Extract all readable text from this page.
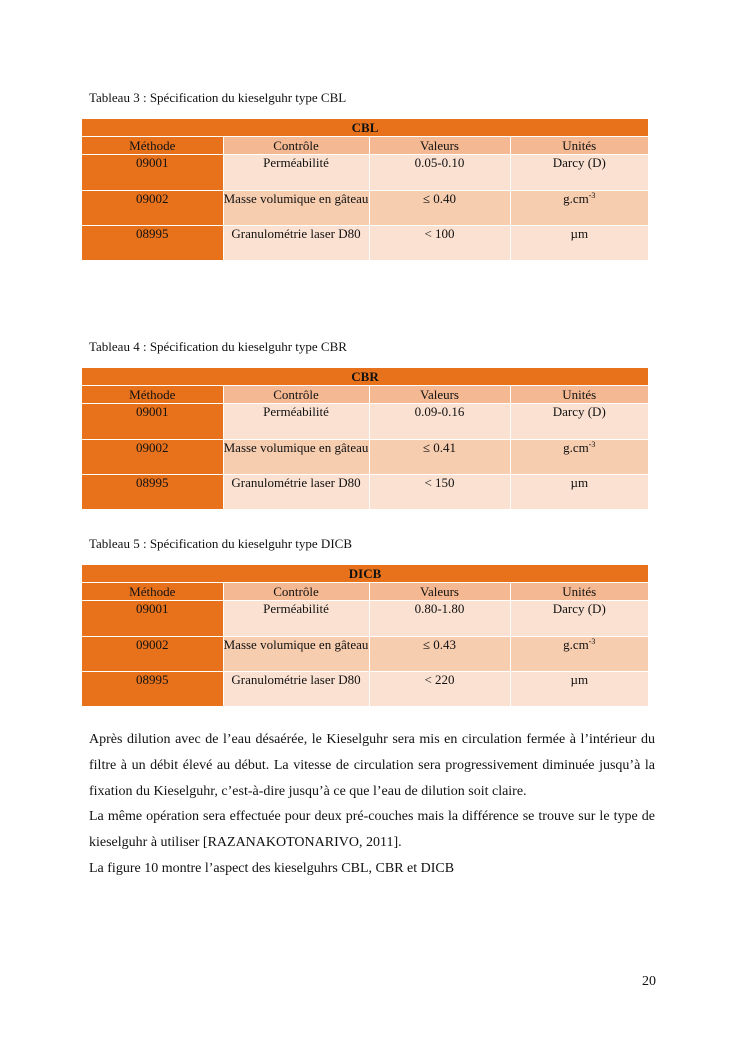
Tableau 3 : Spécification du kieselguhr type CBL
CBL			
Méthode	Contrôle	Valeurs	Unités
09001	Perméabilité	0.05-0.10	Darcy (D)
09002	Masse volumique en gâteau	≤ 0.40	$g.cm^{-3}$
08995	Granulométrie laser D80	< 100	µm
Tableau 4 : Spécification du kieselguhr type CBR
CBR			
Méthode	Contrôle	Valeurs	Unités
09001	Perméabilité	0.09-0.16	Darcy (D)
09002	Masse volumique en gâteau	≤ 0.41	$g.cm^{-3}$
08995	Granulométrie laser D80	< 150	µm
Tableau 5 : Spécification du kieselguhr type DICB
DICB			
Méthode	Contrôle	Valeurs	Unités
09001	Perméabilité	0.80-1.80	Darcy (D)
09002	Masse volumique en gâteau	≤ 0.43	$g.cm^{-3}$
08995	Granulométrie laser D80	< 220	µm

Après dilution avec de l’eau désaérée, le Kieselguhr sera mis en circulation fermée à l’intérieur du filtre à un débit élevé au début. La vitesse de circulation sera progressivement diminuée jusqu’à la fixation du Kieselguhr, c’est-à-dire jusqu’à ce que l’eau de dilution soit claire.

La même opération sera effectuée pour deux pré-couches mais la différence se trouve sur le type de kieselguhr à utiliser [RAZANAKOTONARIVO, 2011].

La figure 10 montre l’aspect des kieselguhrs CBL, CBR et DICB

20
